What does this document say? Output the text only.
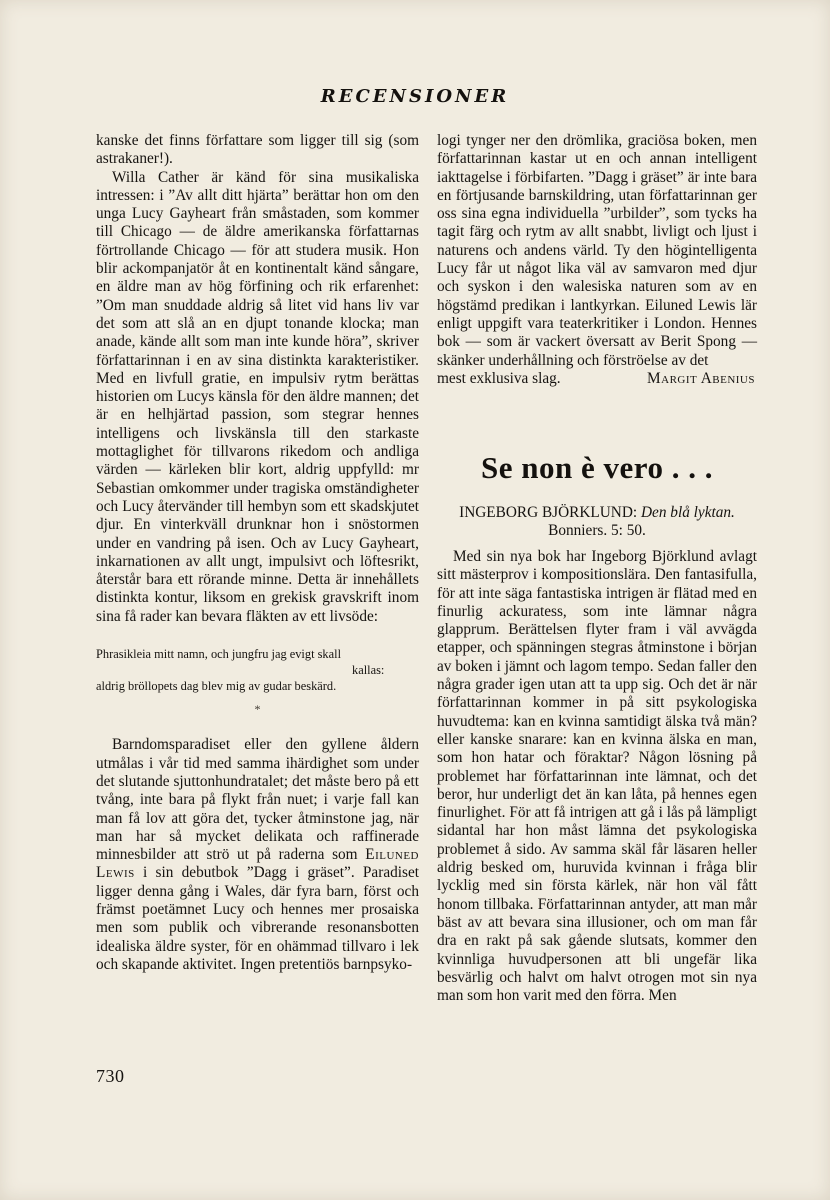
RECENSIONER

kanske det finns författare som ligger till sig (som astrakaner!).

Willa Cather är känd för sina musikaliska intressen: i ”Av allt ditt hjärta” berättar hon om den unga Lucy Gayheart från småstaden, som kommer till Chicago — de äldre amerikanska författarnas förtrollande Chicago — för att studera musik. Hon blir ackompanjatör åt en kontinentalt känd sångare, en äldre man av hög förfining och rik erfarenhet: ”Om man snuddade aldrig så litet vid hans liv var det som att slå an en djupt tonande klocka; man anade, kände allt som man inte kunde höra”, skriver författarinnan i en av sina distinkta karakteristiker. Med en livfull gratie, en impulsiv rytm berättas historien om Lucys känsla för den äldre mannen; det är en helhjärtad passion, som stegrar hennes intelligens och livskänsla till den starkaste mottaglighet för tillvarons rikedom och andliga värden — kärleken blir kort, aldrig uppfylld: mr Sebastian omkommer under tragiska omständigheter och Lucy återvänder till hembyn som ett skadskjutet djur. En vinterkväll drunknar hon i snöstormen under en vandring på isen. Och av Lucy Gayheart, inkarnationen av allt ungt, impulsivt och löftesrikt, återstår bara ett rörande minne. Detta är innehållets distinkta kontur, liksom en grekisk gravskrift inom sina få rader kan bevara fläkten av ett livsöde:

Phrasikleia mitt namn, och jungfru jag evigt skall
kallas:
aldrig bröllopets dag blev mig av gudar beskärd.
*

Barndomsparadiset eller den gyllene åldern utmålas i vår tid med samma ihärdighet som under det slutande sjuttonhundratalet; det måste bero på ett tvång, inte bara på flykt från nuet; i varje fall kan man få lov att göra det, tycker åtminstone jag, när man har så mycket delikata och raffinerade minnesbilder att strö ut på raderna som Eiluned Lewis i sin debutbok ”Dagg i gräset”. Paradiset ligger denna gång i Wales, där fyra barn, först och främst poetämnet Lucy och hennes mer prosaiska men som publik och vibrerande resonansbotten idealiska äldre syster, för en ohämmad tillvaro i lek och skapande aktivitet. Ingen pretentiös barnpsyko-

logi tynger ner den drömlika, graciösa boken, men författarinnan kastar ut en och annan intelligent iakttagelse i förbifarten. ”Dagg i gräset” är inte bara en förtjusande barnskildring, utan författarinnan ger oss sina egna individuella ”urbilder”, som tycks ha tagit färg och rytm av allt snabbt, livligt och ljust i naturens och andens värld. Ty den högintelligenta Lucy får ut något lika väl av samvaron med djur och syskon i den walesiska naturen som av en högstämd predikan i lantkyrkan. Eiluned Lewis lär enligt uppgift vara teaterkritiker i London. Hennes bok — som är vackert översatt av Berit Spong — skänker underhållning och förströelse av det

mest exklusiva slag.	Margit Abenius
Se non è vero . . .
INGEBORG BJÖRKLUND: Den blå lyktan.
Bonniers. 5: 50.

Med sin nya bok har Ingeborg Björklund avlagt sitt mästerprov i kompositionslära. Den fantasifulla, för att inte säga fantastiska intrigen är flätad med en finurlig ackuratess, som inte lämnar några glapprum. Berättelsen flyter fram i väl avvägda etapper, och spänningen stegras åtminstone i början av boken i jämnt och lagom tempo. Sedan faller den några grader igen utan att ta upp sig. Och det är när författarinnan kommer in på sitt psykologiska huvudtema: kan en kvinna samtidigt älska två män? eller kanske snarare: kan en kvinna älska en man, som hon hatar och föraktar? Någon lösning på problemet har författarinnan inte lämnat, och det beror, hur underligt det än kan låta, på hennes egen finurlighet. För att få intrigen att gå i lås på lämpligt sidantal har hon måst lämna det psykologiska problemet å sido. Av samma skäl får läsaren heller aldrig besked om, huruvida kvinnan i fråga blir lycklig med sin första kärlek, när hon väl fått honom tillbaka. Författarinnan antyder, att man mår bäst av att bevara sina illusioner, och om man får dra en rakt på sak gående slutsats, kommer den kvinnliga huvudpersonen att bli ungefär lika besvärlig och halvt om halvt otrogen mot sin nya man som hon varit med den förra. Men

730
